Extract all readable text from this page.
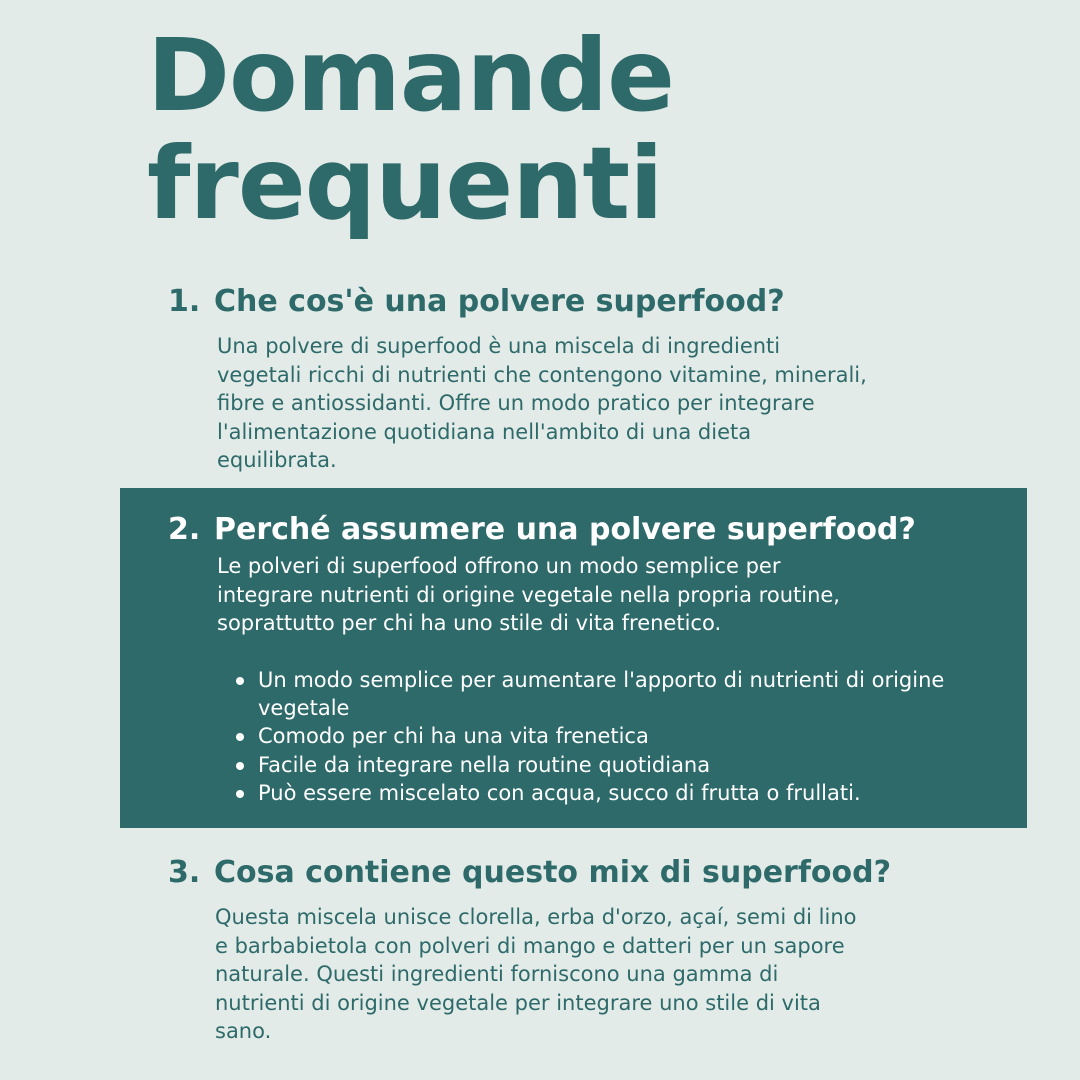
Domande
frequenti
1. Che cos'è una polvere superfood?

Una polvere di superfood è una miscela di ingredienti
vegetali ricchi di nutrienti che contengono vitamine, minerali,
fibre e antiossidanti. Offre un modo pratico per integrare
l'alimentazione quotidiana nell'ambito di una dieta
equilibrata.

2. Perché assumere una polvere superfood?

Le polveri di superfood offrono un modo semplice per
integrare nutrienti di origine vegetale nella propria routine,
soprattutto per chi ha uno stile di vita frenetico.

Un modo semplice per aumentare l'apporto di nutrienti di origine vegetale
Comodo per chi ha una vita frenetica
Facile da integrare nella routine quotidiana
Può essere miscelato con acqua, succo di frutta o frullati.
3. Cosa contiene questo mix di superfood?

Questa miscela unisce clorella, erba d'orzo, açaí, semi di lino
e barbabietola con polveri di mango e datteri per un sapore
naturale. Questi ingredienti forniscono una gamma di
nutrienti di origine vegetale per integrare uno stile di vita
sano.
